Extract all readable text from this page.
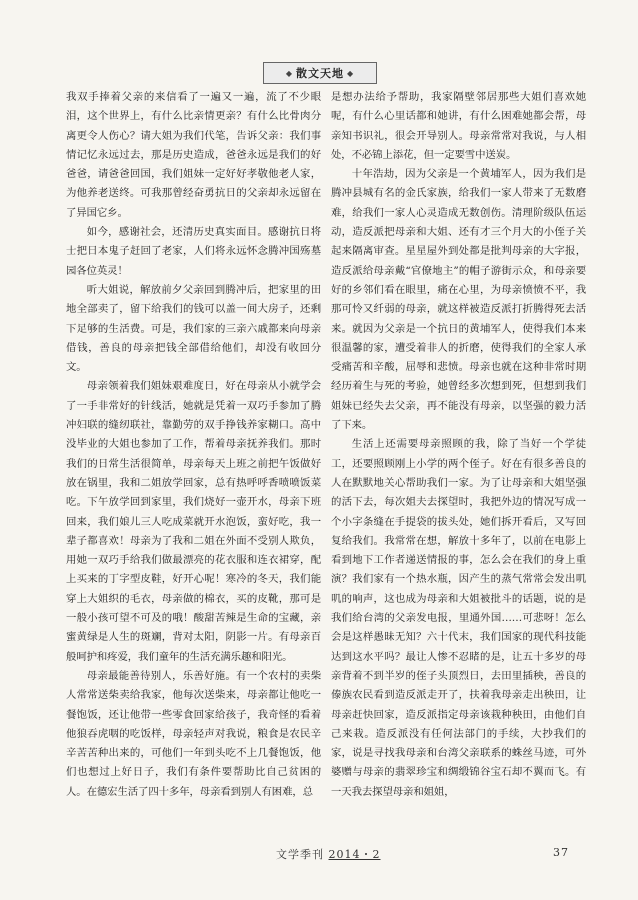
◆ 散文天地 ◆

我双手捧着父亲的来信看了一遍又一遍，流了不少眼泪，这个世界上，有什么比亲情更亲？有什么比骨肉分离更令人伤心？请大姐为我们代笔，告诉父亲：我们事情记忆永远过去，那是历史造成，爸爸永远是我们的好爸爸，请爸爸回国，我们姐妹一定好好孝敬他老人家，为他养老送终。可我那曾经奋勇抗日的父亲却永远留在了异国它乡。

如今，感谢社会，还清历史真实面目。感谢抗日将士把日本鬼子赶回了老家，人们将永远怀念腾冲国殇墓园各位英灵！

听大姐说，解放前夕父亲回到腾冲后，把家里的田地全部卖了，留下给我们的钱可以盖一间大房子，还剩下足够的生活费。可是，我们家的三亲六戚都来向母亲借钱，善良的母亲把钱全部借给他们，却没有收回分文。

母亲领着我们姐妹艰难度日，好在母亲从小就学会了一手非常好的针线活，她就是凭着一双巧手参加了腾冲妇联的缝纫联社，靠勤劳的双手挣钱养家糊口。高中没毕业的大姐也参加了工作，帮着母亲抚养我们。那时我们的日常生活很简单，母亲每天上班之前把午饭做好放在锅里，我和二姐放学回家，总有热呼呼香喷喷饭菜吃。下午放学回到家里，我们烧好一壶开水，母亲下班回来，我们娘儿三人吃成菜就开水泡饭，蛮好吃，我一辈子都喜欢！母亲为了我和二姐在外面不受别人欺负，用她一双巧手给我们做最漂亮的花衣服和连衣裙穿，配上买来的丁字型皮鞋，好开心呢！寒冷的冬天，我们能穿上大姐织的毛衣，母亲做的棉衣，买的皮靴，那可是一般小孩可望不可及的哦！酸甜苦辣是生命的宝藏，亲蜜黄绿是人生的斑斓，背对太阳，阴影一片。有母亲百般呵护和疼爱，我们童年的生活充满乐趣和阳光。

母亲最能善待别人，乐善好施。有一个农村的卖柴人常常送柴卖给我家，他每次送柴来，母亲都让他吃一餐饱饭，还让他带一些零食回家给孩子，我奇怪的看着他狼吞虎咽的吃饭样，母亲轻声对我说，粮食是农民辛辛苦苦种出来的，可他们一年到头吃不上几餐饱饭，他们也想过上好日子，我们有条件要帮助比自己贫困的人。在德宏生活了四十多年，母亲看到别人有困难，总

是想办法给予帮助，我家隔壁邻居那些大姐们喜欢她呢，有什么心里话都和她讲，有什么困难她都会帮，母亲知书识礼，很会开导别人。母亲常常对我说，与人相处，不必锦上添花，但一定要雪中送炭。

十年浩劫，因为父亲是一个黄埔军人，因为我们是腾冲县城有名的金氏家族，给我们一家人带来了无数磨难，给我们一家人心灵造成无数创伤。清理阶级队伍运动，造反派把母亲和大姐、还有才三个月大的小侄子关起来隔离审查。星星屋外到处都是批判母亲的大字报，造反派给母亲戴“官僚地主”的帽子游街示众，和母亲要好的乡邻们看在眼里，痛在心里，为母亲愤愤不平，我那可怜又纤弱的母亲，就这样被造反派打折腾得死去活来。就因为父亲是一个抗日的黄埔军人，使得我们本来很温馨的家，遭受着非人的折磨，使得我们的全家人承受痛苦和辛酸，屈辱和悲愤。母亲也就在这种非常时期经历着生与死的考验，她曾经多次想到死，但想到我们姐妹已经失去父亲，再不能没有母亲，以坚强的毅力活了下来。

生活上还需要母亲照顾的我，除了当好一个学徒工，还要照顾刚上小学的两个侄子。好在有很多善良的人在默默地关心帮助我们一家。为了让母亲和大姐坚强的活下去，每次姐夫去探望时，我把外边的情况写成一个小字条缝在手提袋的拔头处，她们拆开看后，又写回复给我们。我常常在想，解放十多年了，以前在电影上看到地下工作者递送情报的事，怎么会在我们的身上重演？我们家有一个热水瓶，因产生的蒸气常常会发出叽叽的响声，这也成为母亲和大姐被批斗的话题，说的是我们给台湾的父亲发电报，里通外国……可悲呀！怎么会是这样愚昧无知？六十代末，我们国家的现代科技能达到这水平吗？最让人惨不忍睹的是，让五十多岁的母亲背着不到半岁的侄子头顶烈日，去田里插秧，善良的傣族农民看到造反派走开了，扶着我母亲走出秧田，让母亲赶快回家，造反派指定母亲该栽种秧田，由他们自己来栽。造反派没有任何法部门的手续，大抄我们的家，说是寻找我母亲和台湾父亲联系的蛛丝马迹，可外婆赠与母亲的翡翠珍宝和绸缎锦谷宝石却不翼而飞。有一天我去探望母亲和姐姐，

文学季刊 2014・2	37
